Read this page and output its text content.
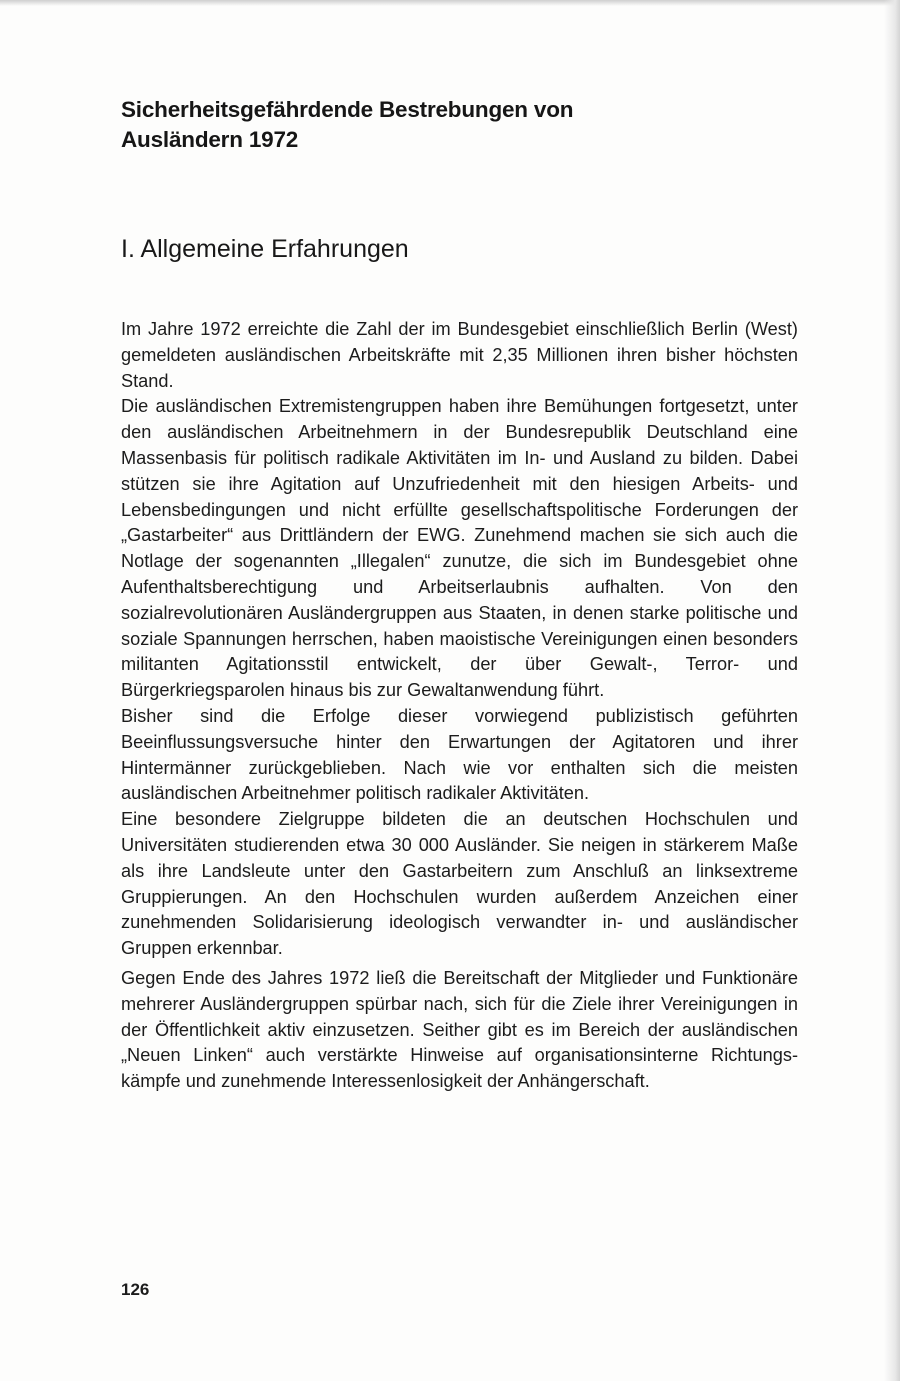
Sicherheitsgefährdende Bestrebungen von
Ausländern 1972
I. Allgemeine Erfahrungen

Im Jahre 1972 erreichte die Zahl der im Bundesgebiet einschließlich Berlin (West) gemeldeten ausländischen Arbeitskräfte mit 2,35 Millionen ihren bisher höchsten Stand.

Die ausländischen Extremistengruppen haben ihre Bemühungen fortgesetzt, unter den ausländischen Arbeitnehmern in der Bundesrepublik Deutschland eine Massenbasis für politisch radikale Aktivitäten im In- und Ausland zu bilden. Dabei stützen sie ihre Agitation auf Unzufriedenheit mit den hiesigen Arbeits- und Lebensbedingungen und nicht erfüllte gesellschaftspolitische Forderungen der „Gastarbeiter“ aus Drittländern der EWG. Zunehmend machen sie sich auch die Notlage der sogenannten „Illegalen“ zunutze, die sich im Bundesgebiet ohne Aufenthaltsberechtigung und Arbeitserlaubnis aufhalten. Von den sozialrevolutionären Ausländergruppen aus Staaten, in denen starke politische und soziale Spannungen herrschen, haben maoistische Vereinigungen einen besonders militanten Agitationsstil entwickelt, der über Gewalt-, Terror- und Bürgerkriegsparolen hinaus bis zur Gewaltanwendung führt.

Bisher sind die Erfolge dieser vorwiegend publizistisch geführten Beeinflussungsversuche hinter den Erwartungen der Agitatoren und ihrer Hintermänner zurückgeblieben. Nach wie vor enthalten sich die meisten ausländischen Arbeitnehmer politisch radikaler Aktivitäten.

Eine besondere Zielgruppe bildeten die an deutschen Hochschulen und Universitäten studierenden etwa 30 000 Ausländer. Sie neigen in stärkerem Maße als ihre Landsleute unter den Gastarbeitern zum Anschluß an linksextreme Gruppierungen. An den Hochschulen wurden außerdem Anzeichen einer zunehmenden Solidarisierung ideologisch verwandter in- und ausländischer Gruppen erkennbar.

Gegen Ende des Jahres 1972 ließ die Bereitschaft der Mitglieder und Funktionäre mehrerer Ausländergruppen spürbar nach, sich für die Ziele ihrer Vereinigungen in der Öffentlichkeit aktiv einzusetzen. Seither gibt es im Bereich der ausländischen „Neuen Linken“ auch verstärkte Hinweise auf organisationsinterne Richtungskämpfe und zunehmende Interessenlosigkeit der Anhängerschaft.

126
